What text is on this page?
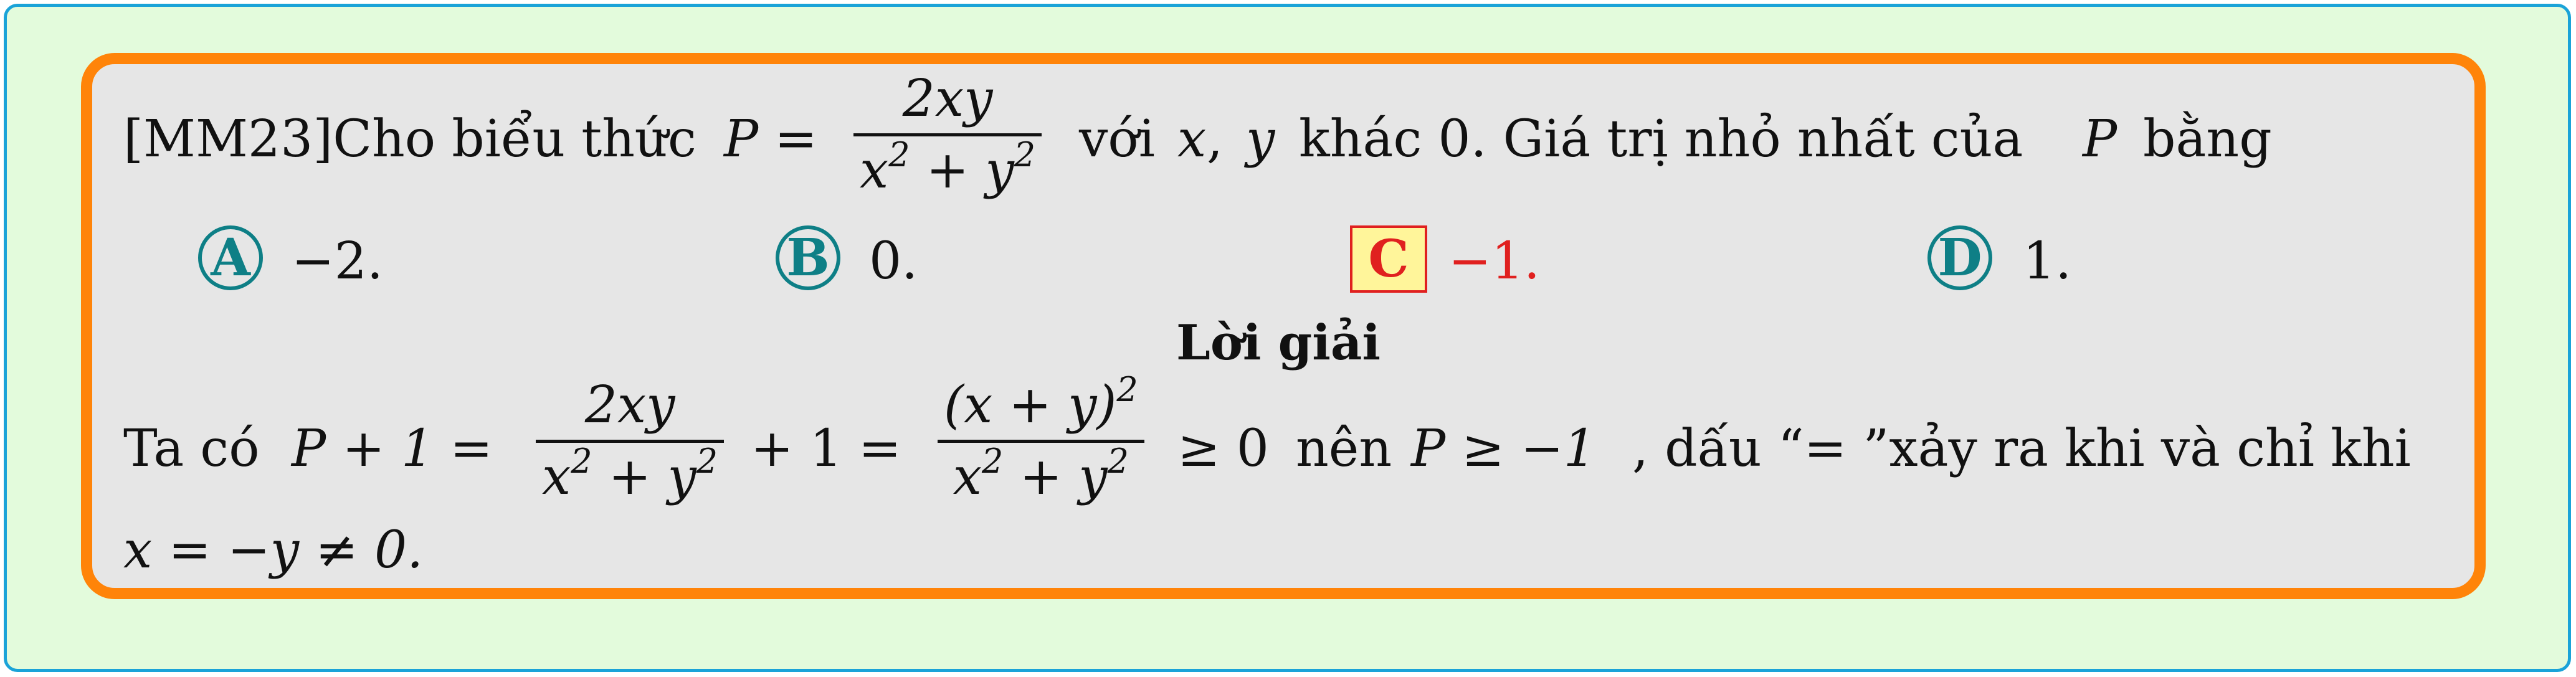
[MM23]Cho biểu thức P =
2xy
$x^2 + y^2$ với x , y khác 0. Giá trị nhỏ nhất của P bằng
A −2.	B 0.	C −1.	D 1.
Lời giải
Ta có P + 1 =
2xy
$x^2 + y^2 + 1$ =
$(x + y)^2$
$x^2 + y^2 \ge 0$ nên P ≥ −1 , dấu “= ”xảy ra khi và chỉ khi
x = −y ≠ 0.
